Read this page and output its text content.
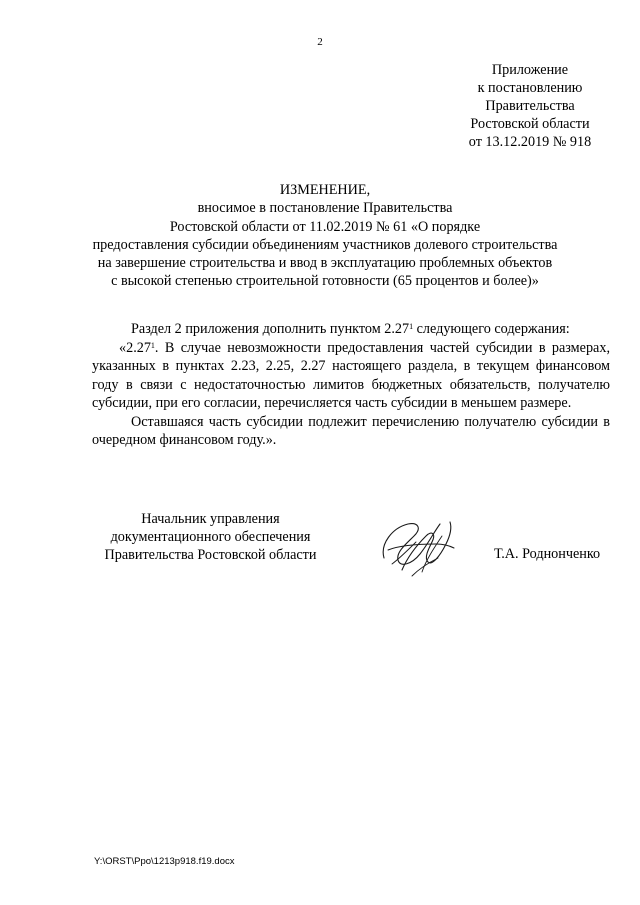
2
Приложение
к постановлению
Правительства
Ростовской области
от 13.12.2019 № 918
ИЗМЕНЕНИЕ,
вносимое в постановление Правительства
Ростовской области от 11.02.2019 № 61 «О порядке
предоставления субсидии объединениям участников долевого строительства
на завершение строительства и ввод в эксплуатацию проблемных объектов
с высокой степенью строительной готовности (65 процентов и более)»

Раздел 2 приложения дополнить пунктом 2.27$^1$ следующего содержания:

«2.27$^1$. В случае невозможности предоставления частей субсидии в размерах, указанных в пунктах 2.23, 2.25, 2.27 настоящего раздела, в текущем финансовом году в связи с недостаточностью лимитов бюджетных обязательств, получателю субсидии, при его согласии, перечисляется часть субсидии в меньшем размере.

Оставшаяся часть субсидии подлежит перечислению получателю субсидии в очередном финансовом году.».

Начальник управления
документационного обеспечения
Правительства Ростовской области	Т.А. Роднонченко
Y:\ORST\Ppo\1213p918.f19.docx
